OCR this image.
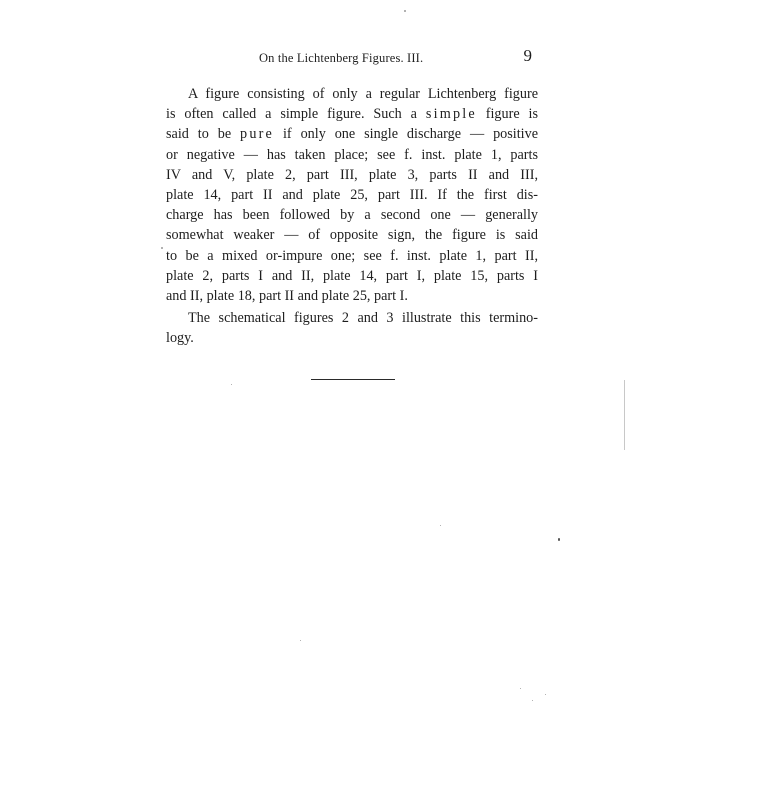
On the Lichtenberg Figures. III.	9

A figure consisting of only a regular Lichtenberg figure
is often called a simple figure. Such a simple figure is
said to be pure if only one single discharge — positive
or negative — has taken place; see f. inst. plate 1, parts
IV and V, plate 2, part III, plate 3, parts II and III,
plate 14, part II and plate 25, part III. If the first dis-
charge has been followed by a second one — generally
somewhat weaker — of opposite sign, the figure is said
to be a mixed or-impure one; see f. inst. plate 1, part II,
plate 2, parts I and II, plate 14, part I, plate 15, parts I
and II, plate 18, part II and plate 25, part I.

The schematical figures 2 and 3 illustrate this termino-
logy.
